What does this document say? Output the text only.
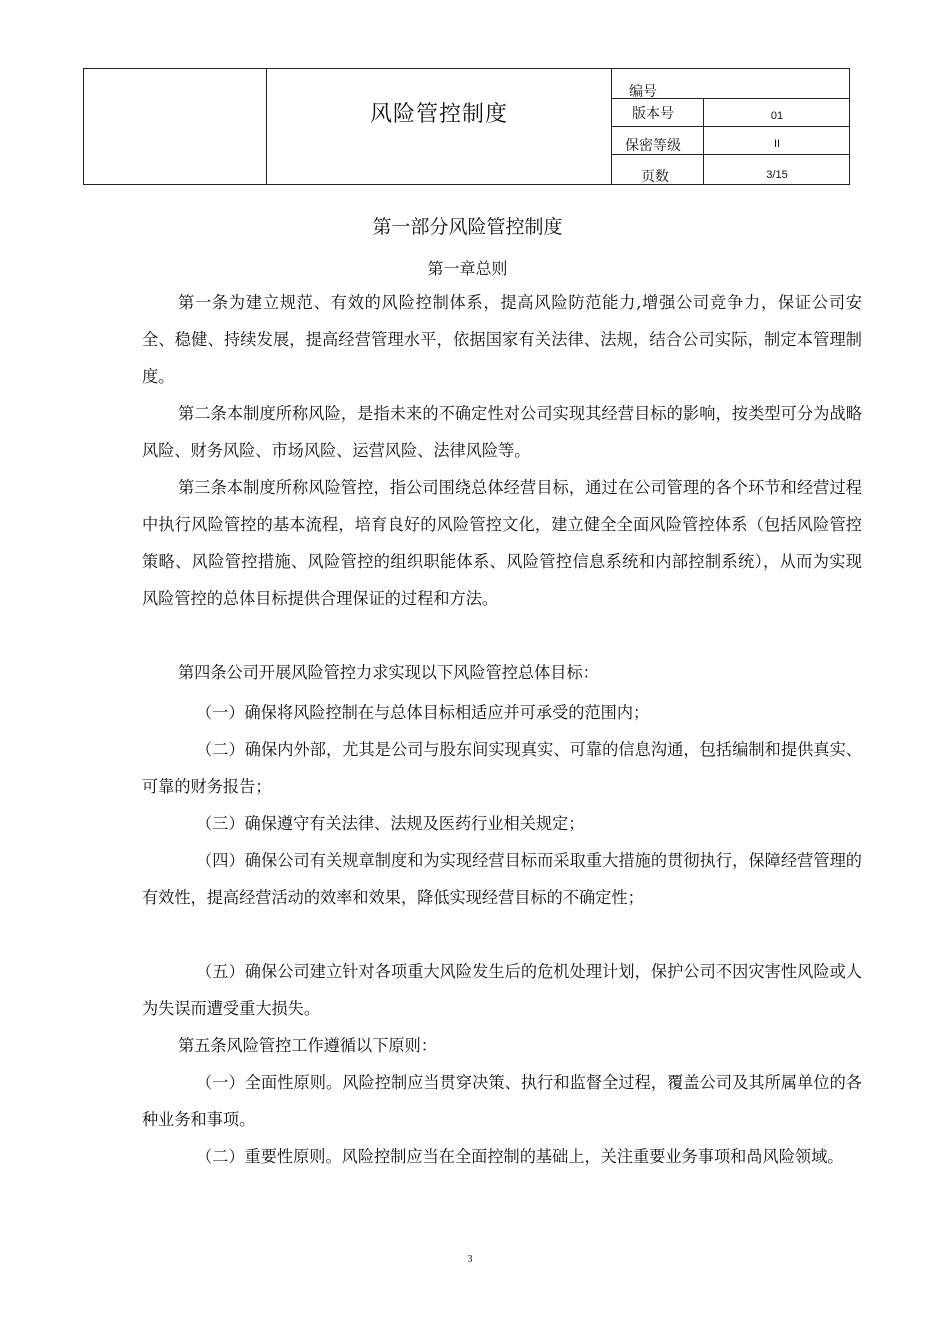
风险管控制度
编号
版本号	01
保密等级	II
页数	3/15
第一部分风险管控制度
第一章总则
第一条为建立规范、有效的风险控制体系，提高风险防范能力,增强公司竞争力，保证公司安全、稳健、持续发展，提高经营管理水平，依据国家有关法律、法规，结合公司实际，制定本管理制度。
第二条本制度所称风险，是指未来的不确定性对公司实现其经营目标的影响，按类型可分为战略风险、财务风险、市场风险、运营风险、法律风险等。
第三条本制度所称风险管控，指公司围绕总体经营目标，通过在公司管理的各个环节和经营过程中执行风险管控的基本流程，培育良好的风险管控文化，建立健全全面风险管控体系（包括风险管控策略、风险管控措施、风险管控的组织职能体系、风险管控信息系统和内部控制系统），从而为实现风险管控的总体目标提供合理保证的过程和方法。
第四条公司开展风险管控力求实现以下风险管控总体目标：
（一）确保将风险控制在与总体目标相适应并可承受的范围内；
（二）确保内外部，尤其是公司与股东间实现真实、可靠的信息沟通，包括编制和提供真实、可靠的财务报告；
（三）确保遵守有关法律、法规及医药行业相关规定；
（四）确保公司有关规章制度和为实现经营目标而采取重大措施的贯彻执行，保障经营管理的有效性，提高经营活动的效率和效果，降低实现经营目标的不确定性；
（五）确保公司建立针对各项重大风险发生后的危机处理计划，保护公司不因灾害性风险或人为失误而遭受重大损失。
第五条风险管控工作遵循以下原则：
（一）全面性原则。风险控制应当贯穿决策、执行和监督全过程，覆盖公司及其所属单位的各种业务和事项。
（二）重要性原则。风险控制应当在全面控制的基础上，关注重要业务事项和咼风险领域。
3
